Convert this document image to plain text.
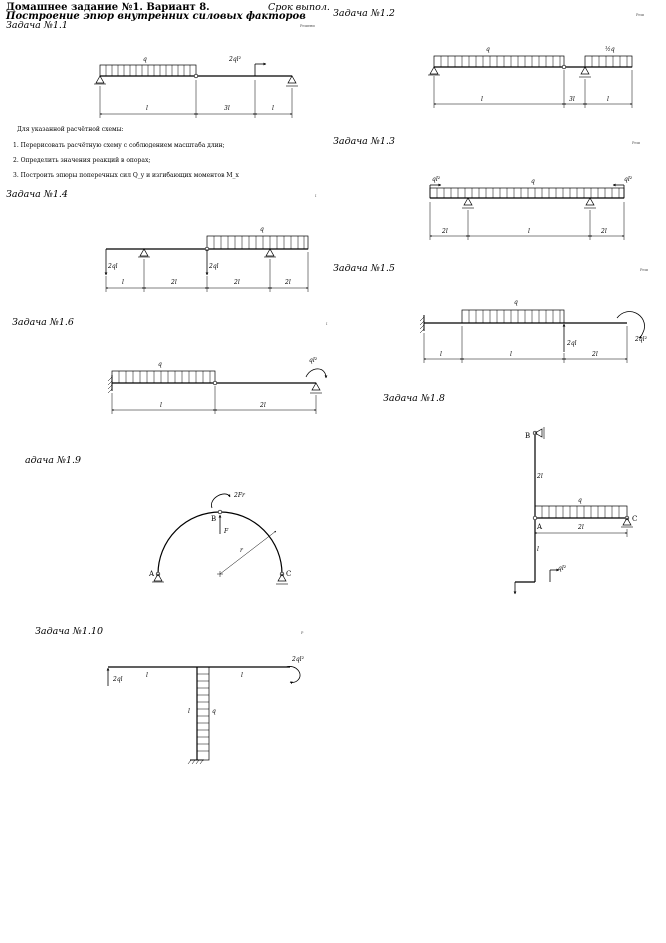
Домашнее задание №1. Вариант 8.	Срок выпол.
Построение эпюр внутренних силовых факторов
Задача №1.1	Решени
Задача №1.2	Реш
Задача №1.3	Реш
Задача №1.4	I
Задача №1.5	Реш
Задача №1.6	I
Задача №1.8
адача №1.9
Задача №1.10	P
Для указанной расчётной схемы:
1. Перерисовать расчётную схему с соблюдением масштаба длин;
2. Определить значения реакций в опорах;
3. Построить эпюры поперечных сил Q_y и изгибающих моментов M_x
q	2ql²
l	3l	l
q	½q
l	3l	l
ql²	q	ql²
2l	l	2l
q
2ql	2ql
l	2l	2l	2l
q
2ql
2ql²
l	l	2l
q
ql²
l	2l
B
A
C
q
2l
2l
l
ql²
2Fr
B
F
r
A	C
2ql
l	l
2ql²
l	q
